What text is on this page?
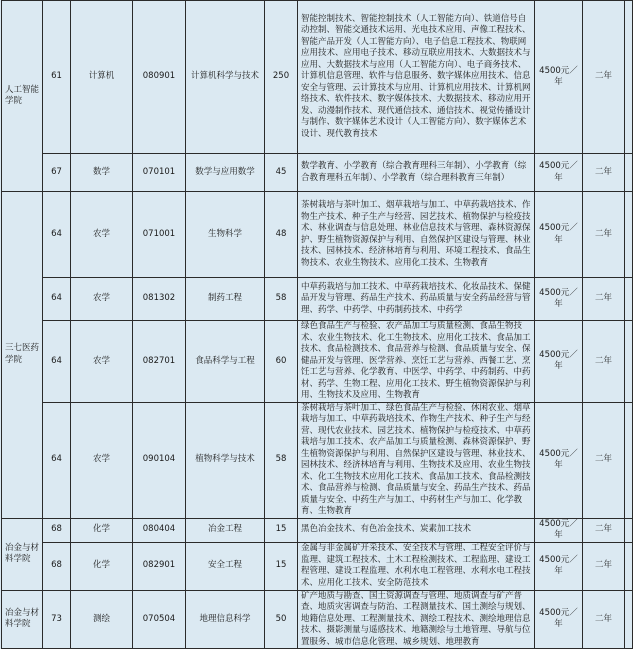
人工智能学院	61	计算机	080901	计算机科学与技术	250	智能控制技术、智能控制技术（人工智能方向）、铁道信号自动控制、智能交通技术运用、光电技术应用、声像工程技术、智能产品开发（人工智能方向）、电子信息工程技术、物联网应用技术、应用电子技术、移动互联应用技术、大数据技术与应用、大数据技术与应用（人工智能方向）、电子商务技术、计算机信息管理、软件与信息服务、数字媒体应用技术、信息安全与管理、云计算技术与应用、计算机应用技术、计算机网络技术、软件技术、数字媒体技术、大数据技术、移动应用开发、动漫制作技术、现代通信技术、通信技术、视觉传播设计与制作、数字媒体艺术设计（人工智能方向）、数字媒体艺术设计、现代教育技术	4500元／年	二年	
	67	数学	070101	数学与应用数学	45	数学教育、小学教育（综合教育理科三年制）、小学教育（综合教育理科五年制）、小学教育（综合理科教育三年制）	4500元／年	二年	
三七医药学院	64	农学	071001	生物科学	48	茶树栽培与茶叶加工、烟草栽培与加工、中草药栽培技术、作物生产技术、种子生产与经营、园艺技术、植物保护与检疫技术、林业调查与信息处理、林业信息技术与管理、森林资源保护、野生植物资源保护与利用、自然保护区建设与管理、林业技术、园林技术、经济林培育与利用、环境工程技术、食品生物技术、农业生物技术、应用化工技术、生物教育	4500元／年	二年	
	64	农学	081302	制药工程	58	中草药栽培与加工技术、中草药栽培技术、化妆品技术、保健品开发与管理、药品生产技术、药品质量与安全药品经营与管理、药学、中药学、中药制药技术、中药学	4500元／年	二年	
	64	农学	082701	食品科学与工程	60	绿色食品生产与检验、农产品加工与质量检测、食品生物技术、农业生物技术、化工生物技术、应用化工技术、食品加工技术、食品检测技术、食品营养与检测、食品质量与安全、保健品开发与管理、医学营养、烹饪工艺与营养、西餐工艺、烹饪工艺与营养、化学教育、中医学、中药学、中药制药、中药材、药学、生物工程、应用化工技术、野生植物资源保护与利用、生物技术及应用、生物教育	4500元／年	二年	
	64	农学	090104	植物科学与技术	58	茶树栽培与茶叶加工、绿色食品生产与检验、休闲农业、烟草栽培与加工、中草药栽培技术、作物生产技术、种子生产与经营、现代农业技术、园艺技术、植物保护与检疫技术、中草药栽培与加工技术、农产品加工与质量检测、森林资源保护、野生植物资源保护与利用、自然保护区建设与管理、林业技术、园林技术、经济林培育与利用、生物技术及应用、农业生物技术、化工生物技术应用化工技术、食品加工技术、食品检测技术、食品营养与检测、食品质量与安全、药品生产技术、药品质量与安全、中药生产与加工、中药材生产与加工、化学教育、生物教育	4500元／年	二年	
冶金与材料学院	68	化学	080404	冶金工程	15	黑色冶金技术、有色冶金技术、炭素加工技术	4500元／年	二年	
	68	化学	082901	安全工程	15	金属与非金属矿开采技术、安全技术与管理、工程安全评价与监理、建筑工程技术、土木工程检测技术、工程监理、建设工程管理、建设工程监理、水利水电工程管理、水利水电工程技术、应用化工技术、安全防范技术	4500元／年	二年	
冶金与材料学院	73	测绘	070504	地理信息科学	50	矿产地质与勘查、国土资源调查与管理、地质调查与矿产普查、地质灾害调查与防治、工程测量技术、国土测绘与规划、地籍信息处理、工程测量技术、测绘工程技术、测绘地理信息技术、摄影测量与遥感技术、地籍测绘与土地管理、导航与位置服务、城市信息化管理、城乡规划、地理教育	4500元／年	二年	
